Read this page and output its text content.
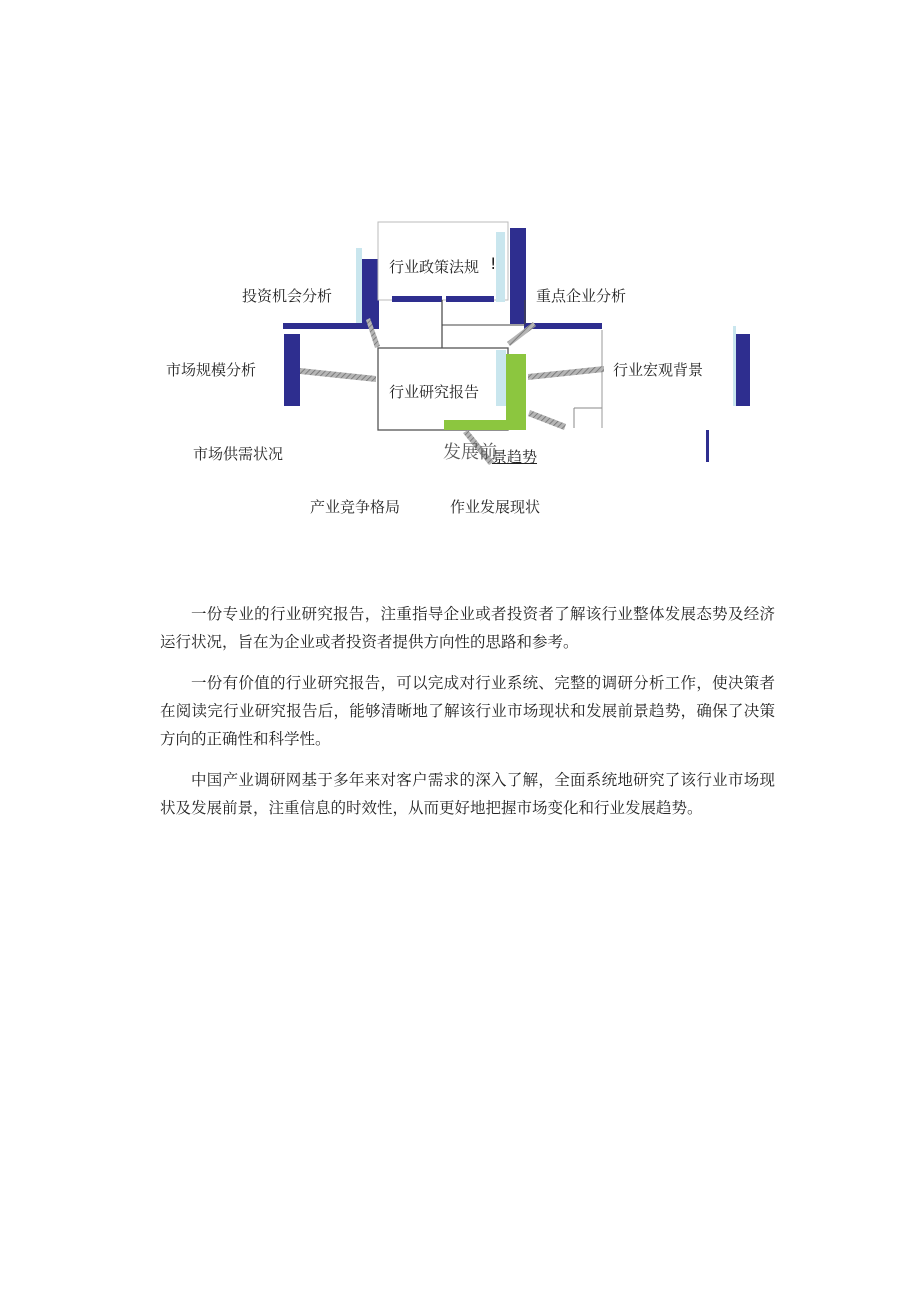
行业政策法规 !
投资机会分析	重点企业分析
市场规模分析	行业宏观背景
行业研究报告
市场供需状况	发展前
景趋势
产业竞争格局	作业发展现状

一份专业的行业研究报告，注重指导企业或者投资者了解该行业整体发展态势及经济运行状况，旨在为企业或者投资者提供方向性的思路和参考。

一份有价值的行业研究报告，可以完成对行业系统、完整的调研分析工作，使决策者在阅读完行业研究报告后，能够清晰地了解该行业市场现状和发展前景趋势，确保了决策方向的正确性和科学性。

中国产业调研网基于多年来对客户需求的深入了解，全面系统地研究了该行业市场现状及发展前景，注重信息的时效性，从而更好地把握市场变化和行业发展趋势。
